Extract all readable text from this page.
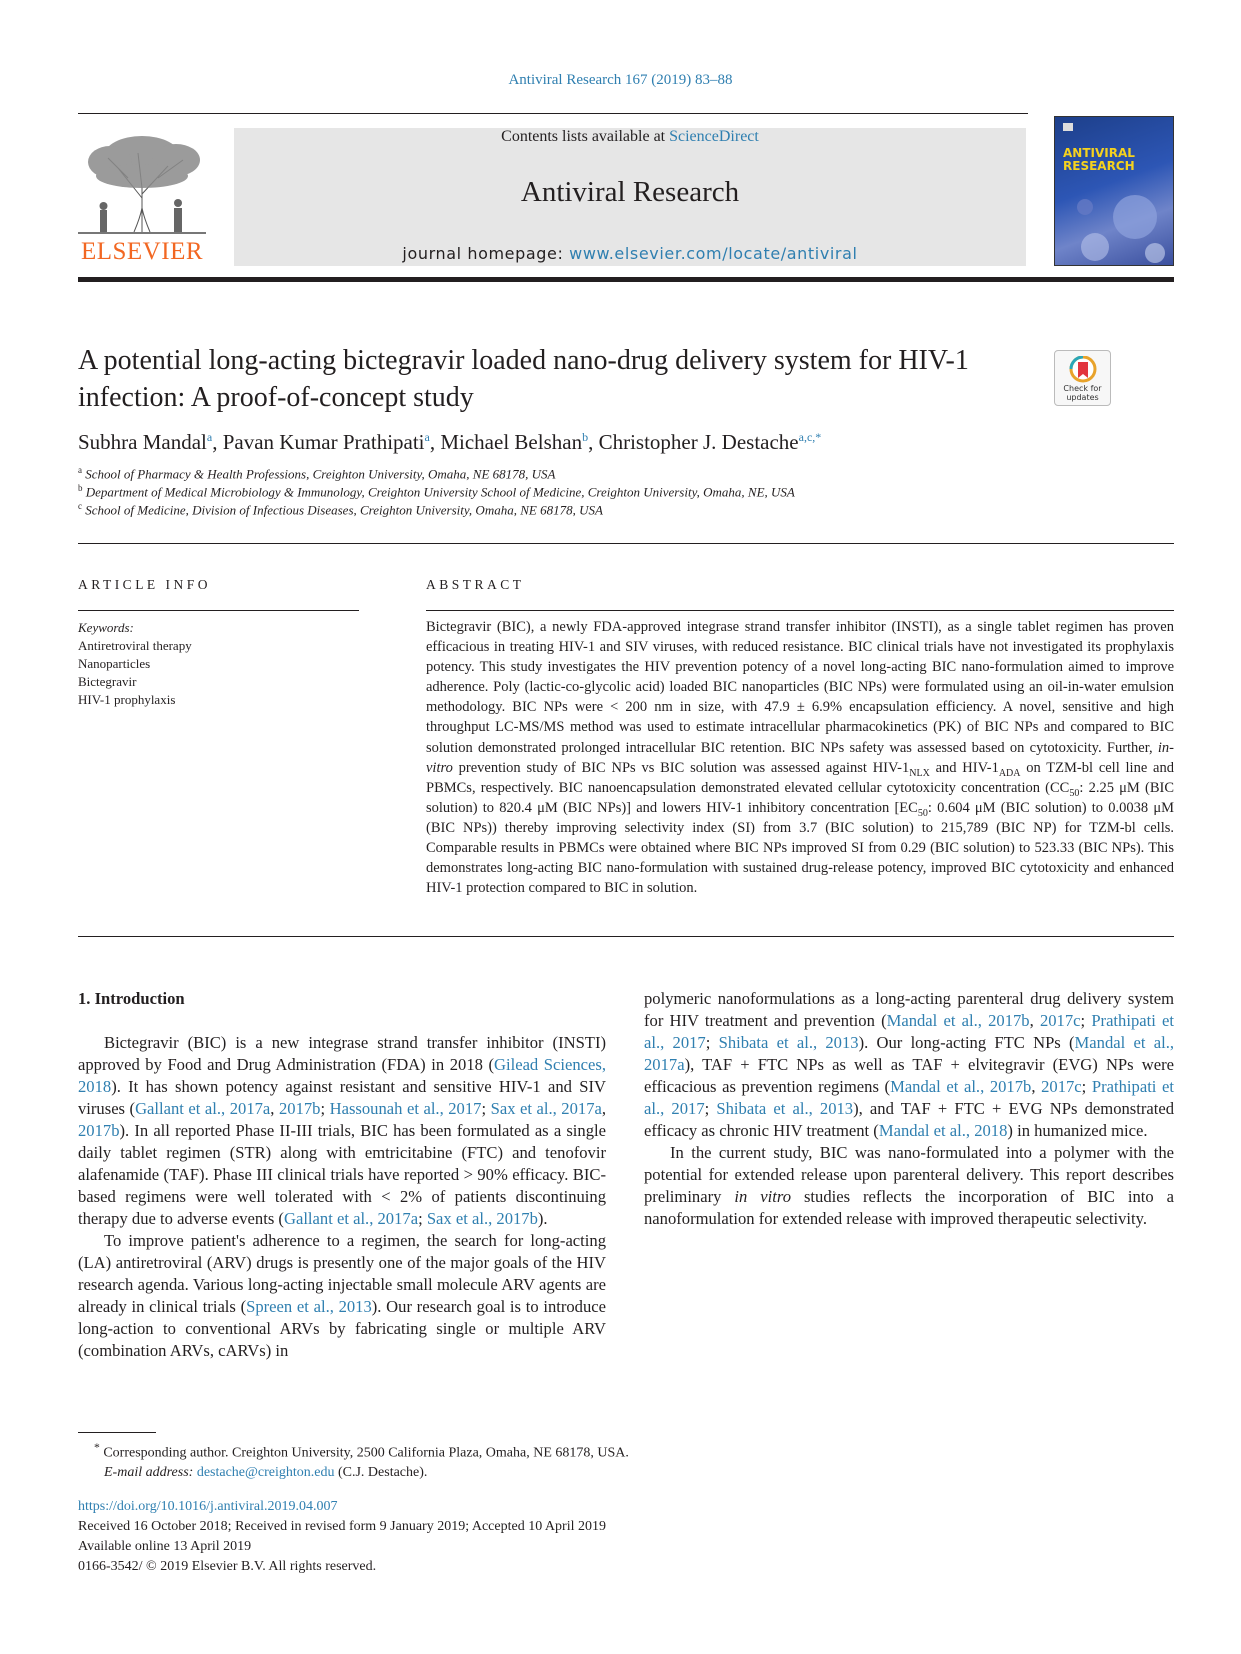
Antiviral Research 167 (2019) 83–88
ELSEVIER
Contents lists available at ScienceDirect
Antiviral Research
journal homepage: www.elsevier.com/locate/antiviral
ANTIVIRAL RESEARCH
A potential long-acting bictegravir loaded nano-drug delivery system for HIV-1 infection: A proof-of-concept study	Check for updates
Subhra Mandal$^a$, Pavan Kumar Prathipati$^a$, Michael Belshan$^b$, Christopher J. Destache$^{a,c,*}$
$^a$ School of Pharmacy & Health Professions, Creighton University, Omaha, NE 68178, USA
$^b$ Department of Medical Microbiology & Immunology, Creighton University School of Medicine, Creighton University, Omaha, NE, USA
$^c$ School of Medicine, Division of Infectious Diseases, Creighton University, Omaha, NE 68178, USA
ARTICLE INFO
Keywords:
Antiretroviral therapy
Nanoparticles
Bictegravir
HIV-1 prophylaxis
ABSTRACT
Bictegravir (BIC), a newly FDA-approved integrase strand transfer inhibitor (INSTI), as a single tablet regimen has proven efficacious in treating HIV-1 and SIV viruses, with reduced resistance. BIC clinical trials have not investigated its prophylaxis potency. This study investigates the HIV prevention potency of a novel long-acting BIC nano-formulation aimed to improve adherence. Poly (lactic-co-glycolic acid) loaded BIC nanoparticles (BIC NPs) were formulated using an oil-in-water emulsion methodology. BIC NPs were < 200 nm in size, with 47.9 ± 6.9% encapsulation efficiency. A novel, sensitive and high throughput LC-MS/MS method was used to estimate intracellular pharmacokinetics (PK) of BIC NPs and compared to BIC solution demonstrated prolonged intracellular BIC retention. BIC NPs safety was assessed based on cytotoxicity. Further, in-vitro prevention study of BIC NPs vs BIC solution was assessed against HIV-$1_{NLX}$ and HIV-$1_{ADA}$ on TZM-bl cell line and PBMCs, respectively. BIC nanoencapsulation demonstrated elevated cellular cytotoxicity concentration ($CC_{50}$: 2.25 μM (BIC solution) to 820.4 μM (BIC NPs)] and lowers HIV-1 inhibitory concentration [$EC_{50}$: 0.604 μM (BIC solution) to 0.0038 μM (BIC NPs)) thereby improving selectivity index (SI) from 3.7 (BIC solution) to 215,789 (BIC NP) for TZM-bl cells. Comparable results in PBMCs were obtained where BIC NPs improved SI from 0.29 (BIC solution) to 523.33 (BIC NPs). This demonstrates long-acting BIC nano-formulation with sustained drug-release potency, improved BIC cytotoxicity and enhanced HIV-1 protection compared to BIC in solution.

1. Introduction

Bictegravir (BIC) is a new integrase strand transfer inhibitor (INSTI) approved by Food and Drug Administration (FDA) in 2018 (Gilead Sciences, 2018). It has shown potency against resistant and sensitive HIV-1 and SIV viruses (Gallant et al., 2017a, 2017b; Hassounah et al., 2017; Sax et al., 2017a, 2017b). In all reported Phase II-III trials, BIC has been formulated as a single daily tablet regimen (STR) along with emtricitabine (FTC) and tenofovir alafenamide (TAF). Phase III clinical trials have reported > 90% efficacy. BIC-based regimens were well tolerated with < 2% of patients discontinuing therapy due to adverse events (Gallant et al., 2017a; Sax et al., 2017b).

To improve patient's adherence to a regimen, the search for long-acting (LA) antiretroviral (ARV) drugs is presently one of the major goals of the HIV research agenda. Various long-acting injectable small molecule ARV agents are already in clinical trials (Spreen et al., 2013). Our research goal is to introduce long-action to conventional ARVs by fabricating single or multiple ARV (combination ARVs, cARVs) in

polymeric nanoformulations as a long-acting parenteral drug delivery system for HIV treatment and prevention (Mandal et al., 2017b, 2017c; Prathipati et al., 2017; Shibata et al., 2013). Our long-acting FTC NPs (Mandal et al., 2017a), TAF + FTC NPs as well as TAF + elvitegravir (EVG) NPs were efficacious as prevention regimens (Mandal et al., 2017b, 2017c; Prathipati et al., 2017; Shibata et al., 2013), and TAF + FTC + EVG NPs demonstrated efficacy as chronic HIV treatment (Mandal et al., 2018) in humanized mice.

In the current study, BIC was nano-formulated into a polymer with the potential for extended release upon parenteral delivery. This report describes preliminary in vitro studies reflects the incorporation of BIC into a nanoformulation for extended release with improved therapeutic selectivity.

* Corresponding author. Creighton University, 2500 California Plaza, Omaha, NE 68178, USA.
E-mail address: destache@creighton.edu (C.J. Destache).
https://doi.org/10.1016/j.antiviral.2019.04.007
Received 16 October 2018; Received in revised form 9 January 2019; Accepted 10 April 2019
Available online 13 April 2019
0166-3542/ © 2019 Elsevier B.V. All rights reserved.
